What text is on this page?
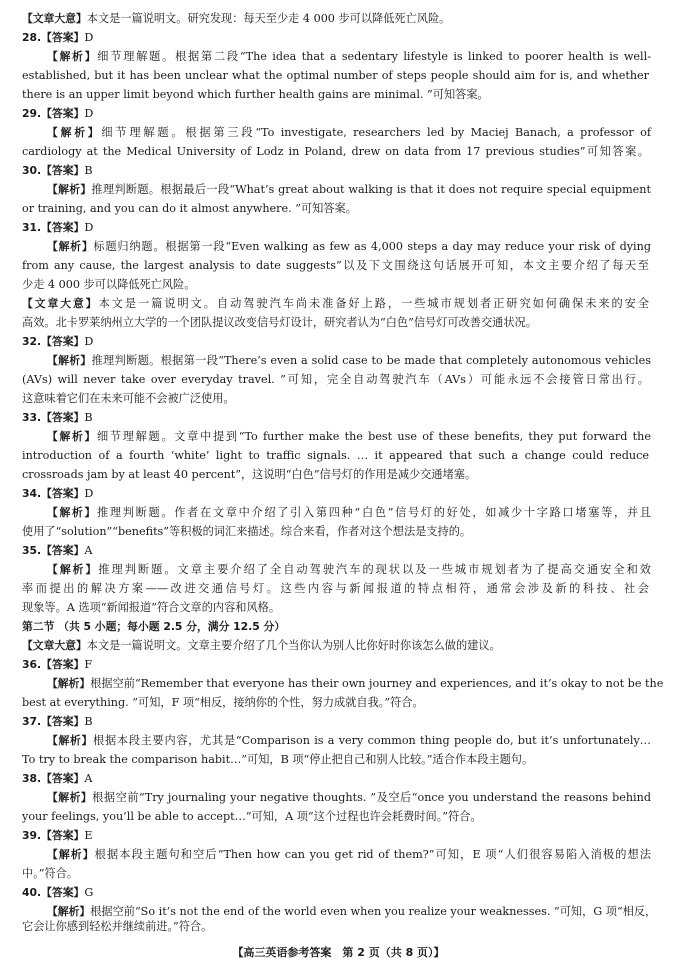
【文章大意】本文是一篇说明文。研究发现：每天至少走 4 000 步可以降低死亡风险。
28.【答案】D
【解析】细节理解题。根据第二段“The idea that a sedentary lifestyle is linked to poorer health is well-
established, but it has been unclear what the optimal number of steps people should aim for is, and whether
there is an upper limit beyond which further health gains are minimal. ”可知答案。
29.【答案】D
【解析】细节理解题。根据第三段“To investigate, researchers led by Maciej Banach, a professor of
cardiology at the Medical University of Lodz in Poland, drew on data from 17 previous studies”可知答案。
30.【答案】B
【解析】推理判断题。根据最后一段“What’s great about walking is that it does not require special equipment
or training, and you can do it almost anywhere. ”可知答案。
31.【答案】D
【解析】标题归纳题。根据第一段“Even walking as few as 4,000 steps a day may reduce your risk of dying
from any cause, the largest analysis to date suggests”以及下文围绕这句话展开可知，本文主要介绍了每天至
少走 4 000 步可以降低死亡风险。
【文章大意】本文是一篇说明文。自动驾驶汽车尚未准备好上路，一些城市规划者正研究如何确保未来的安全
高效。北卡罗莱纳州立大学的一个团队提议改变信号灯设计，研究者认为“白色”信号灯可改善交通状况。
32.【答案】D
【解析】推理判断题。根据第一段“There’s even a solid case to be made that completely autonomous vehicles
(AVs) will never take over everyday travel. ”可知，完全自动驾驶汽车（AVs）可能永远不会接管日常出行。
这意味着它们在未来可能不会被广泛使用。
33.【答案】B
【解析】细节理解题。文章中提到“To further make the best use of these benefits, they put forward the
introduction of a fourth ‘white’ light to traffic signals. … it appeared that such a change could reduce
crossroads jam by at least 40 percent”，这说明“白色”信号灯的作用是减少交通堵塞。
34.【答案】D
【解析】推理判断题。作者在文章中介绍了引入第四种“白色”信号灯的好处，如减少十字路口堵塞等，并且
使用了“solution”“benefits”等积极的词汇来描述。综合来看，作者对这个想法是支持的。
35.【答案】A
【解析】推理判断题。文章主要介绍了全自动驾驶汽车的现状以及一些城市规划者为了提高交通安全和效
率而提出的解决方案——改进交通信号灯。这些内容与新闻报道的特点相符，通常会涉及新的科技、社会
现象等。A 选项“新闻报道”符合文章的内容和风格。
第二节 （共 5 小题；每小题 2.5 分，满分 12.5 分）
【文章大意】本文是一篇说明文。文章主要介绍了几个当你认为别人比你好时你该怎么做的建议。
36.【答案】F
【解析】根据空前“Remember that everyone has their own journey and experiences, and it’s okay to not be the
best at everything. ”可知，F 项“相反，接纳你的个性，努力成就自我。”符合。
37.【答案】B
【解析】根据本段主要内容，尤其是“Comparison is a very common thing people do, but it’s unfortunately…
To try to break the comparison habit…”可知，B 项“停止把自己和别人比较。”适合作本段主题句。
38.【答案】A
【解析】根据空前“Try journaling your negative thoughts. ”及空后“once you understand the reasons behind
your feelings, you’ll be able to accept…”可知，A 项“这个过程也许会耗费时间。”符合。
39.【答案】E
【解析】根据本段主题句和空后“Then how can you get rid of them?”可知，E 项“人们很容易陷入消极的想法
中。”符合。
40.【答案】G
【解析】根据空前“So it’s not the end of the world even when you realize your weaknesses. ”可知，G 项“相反，
它会让你感到轻松并继续前进。”符合。
【高三英语参考答案　第 2 页（共 8 页）】
